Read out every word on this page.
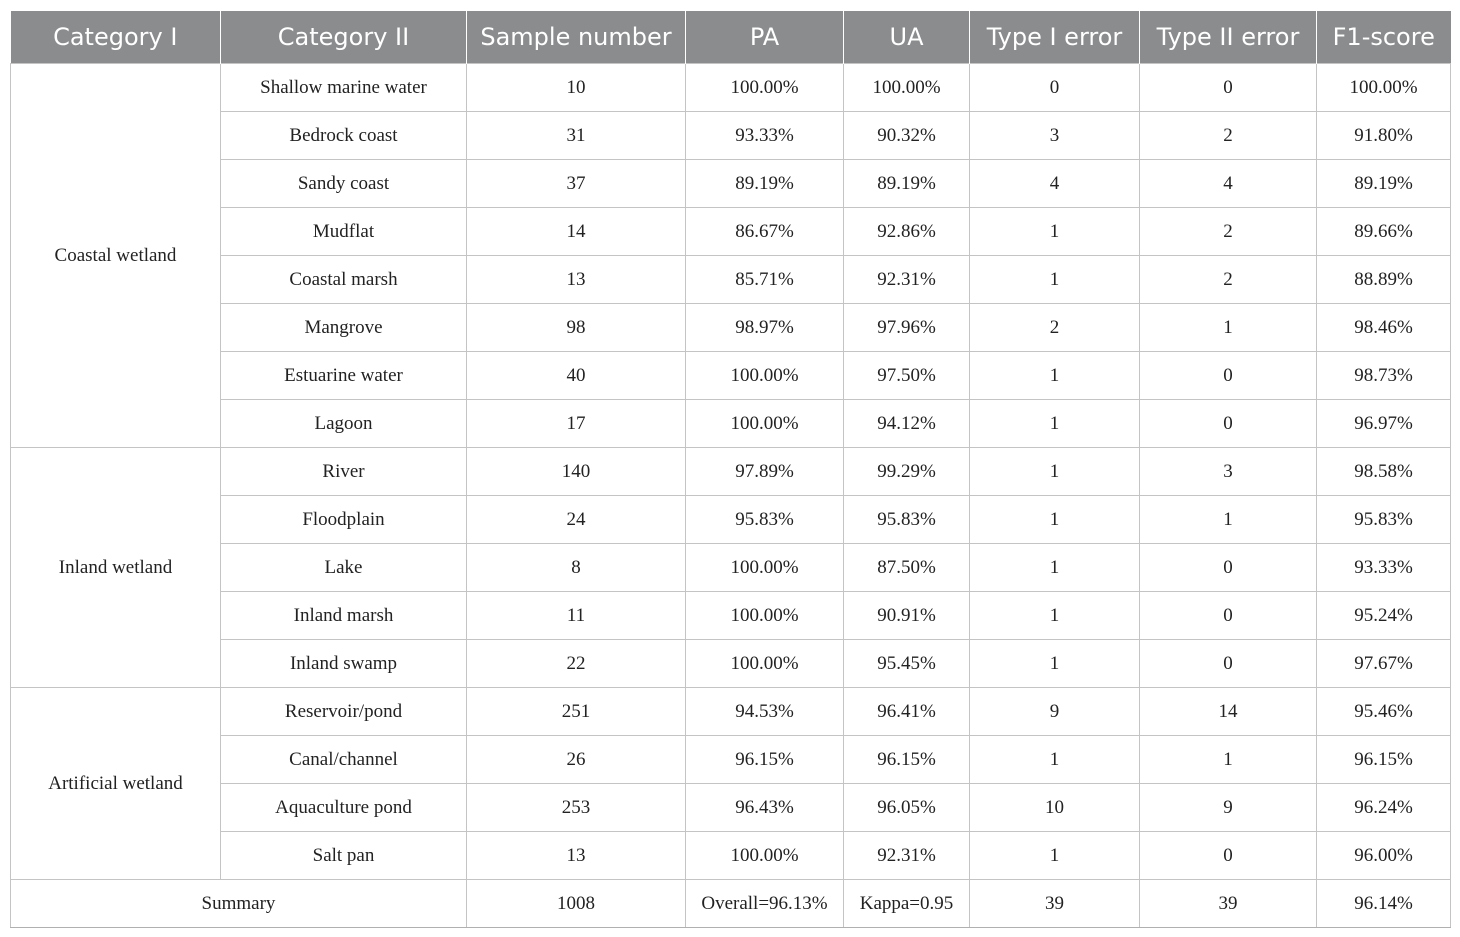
Category I	Category II	Sample number	PA	UA	Type I error	Type II error	F1-score
Coastal wetland	Shallow marine water	10	100.00%	100.00%	0	0	100.00%
	Bedrock coast	31	93.33%	90.32%	3	2	91.80%
	Sandy coast	37	89.19%	89.19%	4	4	89.19%
	Mudflat	14	86.67%	92.86%	1	2	89.66%
	Coastal marsh	13	85.71%	92.31%	1	2	88.89%
	Mangrove	98	98.97%	97.96%	2	1	98.46%
	Estuarine water	40	100.00%	97.50%	1	0	98.73%
	Lagoon	17	100.00%	94.12%	1	0	96.97%
Inland wetland	River	140	97.89%	99.29%	1	3	98.58%
	Floodplain	24	95.83%	95.83%	1	1	95.83%
	Lake	8	100.00%	87.50%	1	0	93.33%
	Inland marsh	11	100.00%	90.91%	1	0	95.24%
	Inland swamp	22	100.00%	95.45%	1	0	97.67%
Artificial wetland	Reservoir/pond	251	94.53%	96.41%	9	14	95.46%
	Canal/channel	26	96.15%	96.15%	1	1	96.15%
	Aquaculture pond	253	96.43%	96.05%	10	9	96.24%
	Salt pan	13	100.00%	92.31%	1	0	96.00%
Summary		1008	Overall=96.13%	Kappa=0.95	39	39	96.14%
